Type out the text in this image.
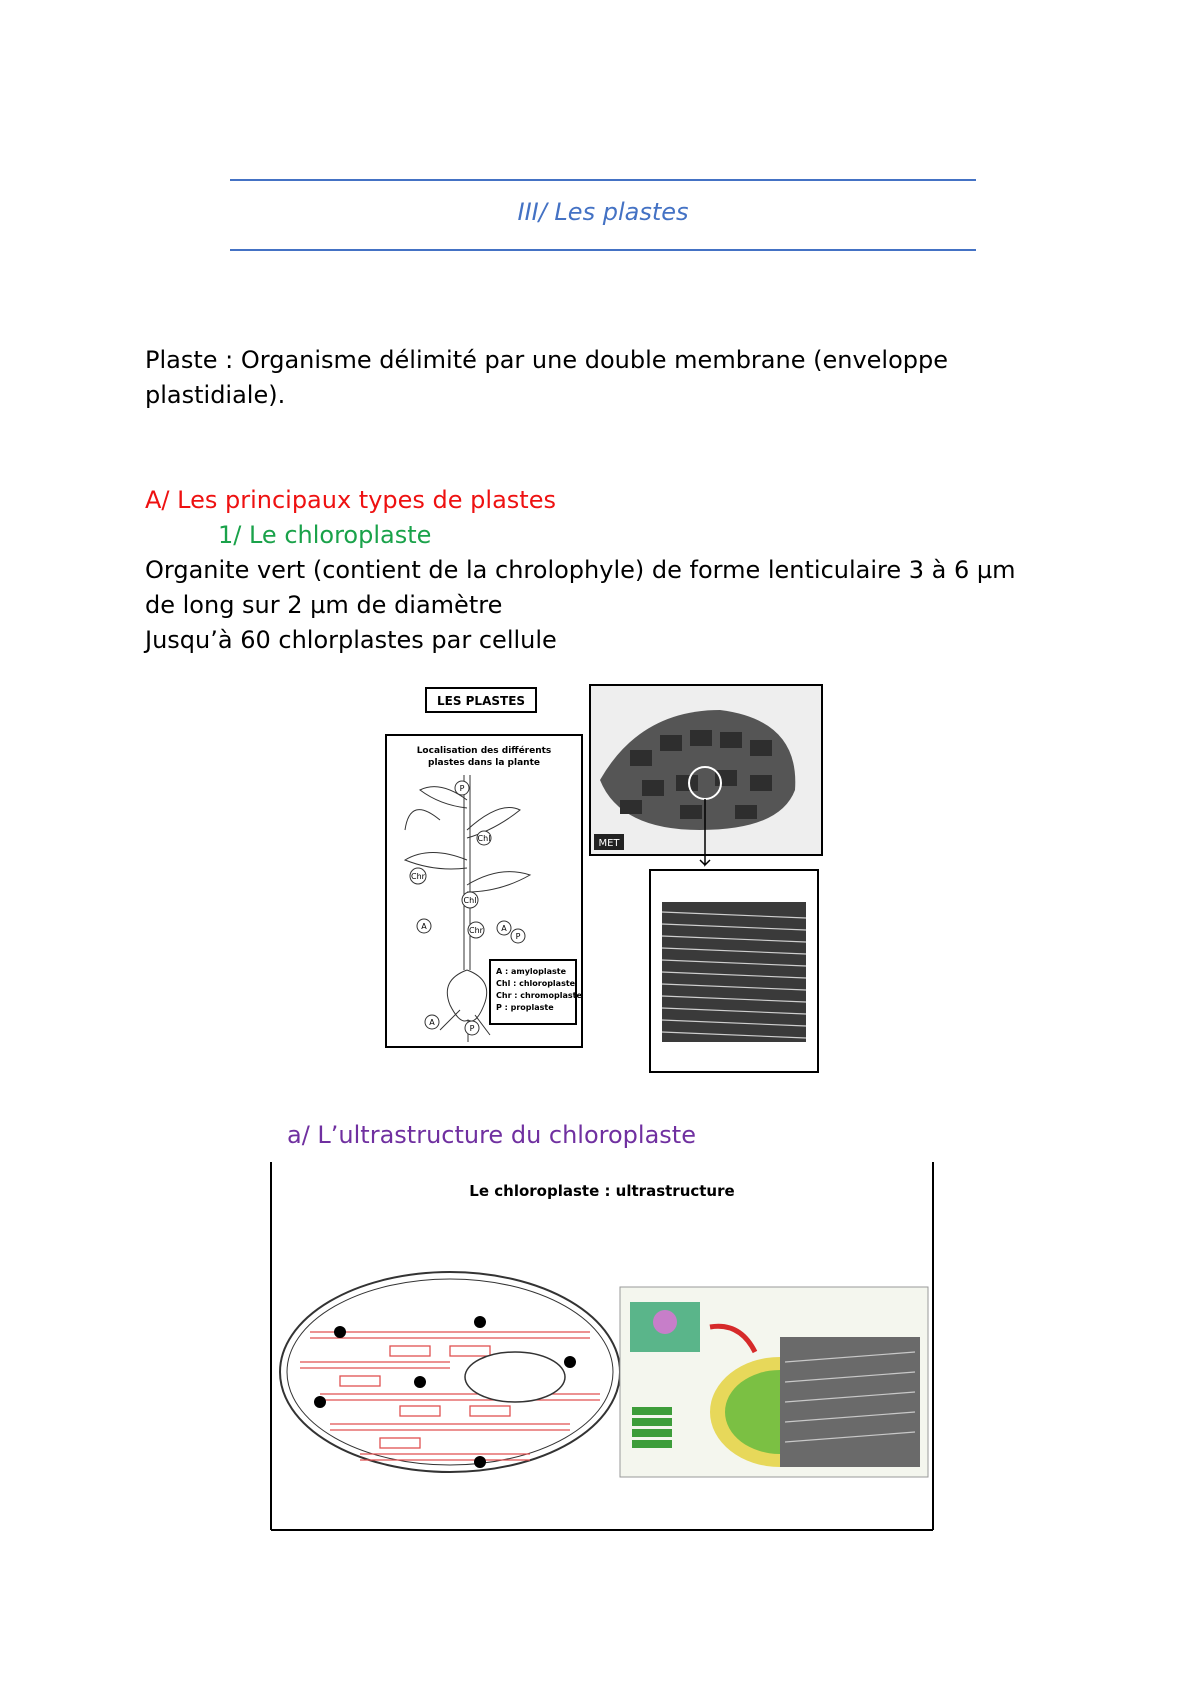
III/ Les plastes
Plaste : Organisme délimité par une double membrane (enveloppe
plastidiale).
A/ Les principaux types de plastes
1/ Le chloroplaste
Organite vert (contient de la chrolophyle) de forme lenticulaire 3 à 6 µm
de long sur 2 µm de diamètre
Jusqu’à 60 chlorplastes par cellule
LES PLASTES
Localisation des différents
plastes dans la plante
P
Chl
Chr
Chl
A	Chr A
P
A
P
A : amyloplaste
Chl : chloroplaste
Chr : chromoplaste
P : proplaste
MET
a/ L’ultrastructure du chloroplaste
Le chloroplaste : ultrastructure
